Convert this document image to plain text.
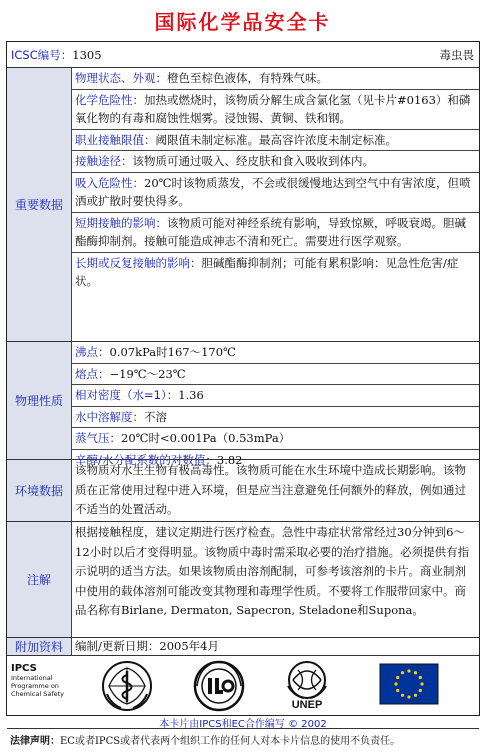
国际化学品安全卡
ICSC编号：1305	毒虫畏
重要数据
物理状态、外观：橙色至棕色液体，有特殊气味。
化学危险性：加热或燃烧时，该物质分解生成含氯化氢（见卡片#0163）和磷氧化物的有毒和腐蚀性烟雾。浸蚀锡、黄铜、铁和钢。
职业接触限值：阈限值未制定标准。最高容许浓度未制定标准。
接触途径：该物质可通过吸入、经皮肤和食入吸收到体内。
吸入危险性：20℃时该物质蒸发，不会或很缓慢地达到空气中有害浓度，但喷洒或扩散时要快得多。
短期接触的影响：该物质可能对神经系统有影响，导致惊厥，呼吸衰竭。胆碱酯酶抑制剂。接触可能造成神志不清和死亡。需要进行医学观察。
长期或反复接触的影响：胆碱酯酶抑制剂；可能有累积影响：见急性危害/症状。
物理性质
沸点：0.07kPa时167～170℃
熔点：−19℃～23℃
相对密度（水=1）：1.36
水中溶解度：不溶
蒸气压：20℃时<0.001Pa（0.53mPa）
辛醇/水分配系数的对数值：3.82
环境数据
该物质对水生生物有极高毒性。该物质可能在水生环境中造成长期影响。该物质在正常使用过程中进入环境，但是应当注意避免任何额外的释放，例如通过不适当的处置活动。
注解
根据接触程度，建议定期进行医疗检查。急性中毒症状常常经过30分钟到6～12小时以后才变得明显。该物质中毒时需采取必要的治疗措施。必须提供有指示说明的适当方法。如果该物质由溶剂配制，可参考该溶剂的卡片。商业制剂中使用的载体溶剂可能改变其物理和毒理学性质。不要将工作服带回家中。商品名称有Birlane, Dermaton, Sapecron, Steladone和Supona。
附加资料	编制/更新日期：2005年4月
IPCS
International
Programme on
Chemical Safety
UNEP
本卡片由IPCS和EC合作编写 © 2002
法律声明：EC或者IPCS或者代表两个组织工作的任何人对本卡片信息的使用不负责任。
